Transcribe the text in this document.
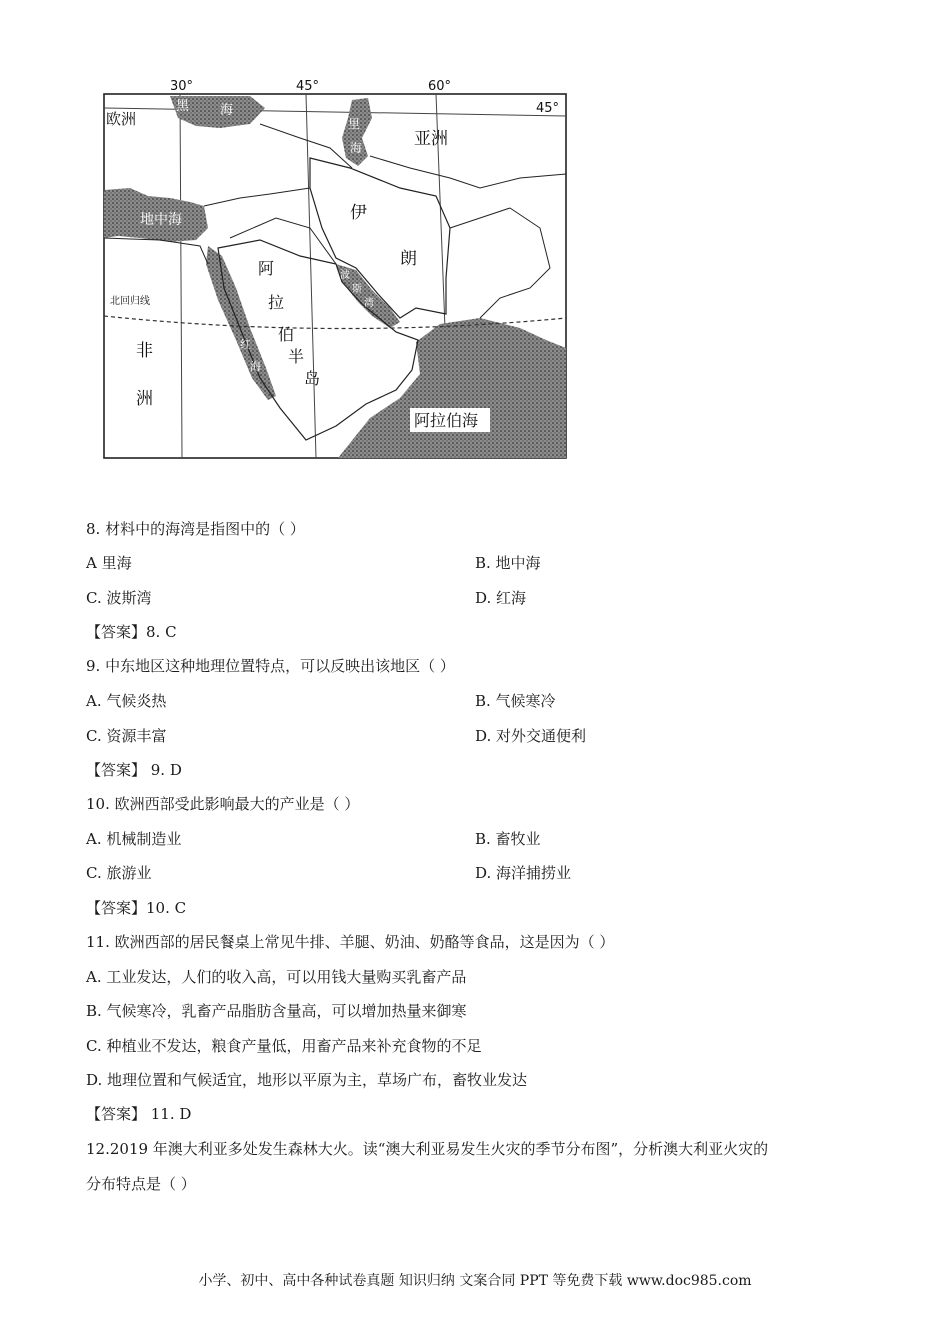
30°	45°	60°
45°
北回归线
欧洲
亚洲
非
洲
黑 海
里
海
地中海	伊
朗
阿
拉
伯
半
岛
红
海
波
斯
湾
阿拉伯海
8. 材料中的海湾是指图中的（ ）
A 里海	B. 地中海
C. 波斯湾	D. 红海
【答案】8. C
9. 中东地区这种地理位置特点，可以反映出该地区（ ）
A. 气候炎热	B. 气候寒冷
C. 资源丰富	D. 对外交通便利
【答案】 9. D
10. 欧洲西部受此影响最大的产业是（ ）
A. 机械制造业	B. 畜牧业
C. 旅游业	D. 海洋捕捞业
【答案】10. C
11. 欧洲西部的居民餐桌上常见牛排、羊腿、奶油、奶酪等食品，这是因为（ ）
A. 工业发达，人们的收入高，可以用钱大量购买乳畜产品
B. 气候寒冷，乳畜产品脂肪含量高，可以增加热量来御寒
C. 种植业不发达，粮食产量低，用畜产品来补充食物的不足
D. 地理位置和气候适宜，地形以平原为主，草场广布，畜牧业发达
【答案】 11. D
12.2019 年澳大利亚多处发生森林大火。读“澳大利亚易发生火灾的季节分布图”，分析澳大利亚火灾的
分布特点是（ ）
小学、初中、高中各种试卷真题 知识归纳 文案合同 PPT 等免费下载 www.doc985.com
